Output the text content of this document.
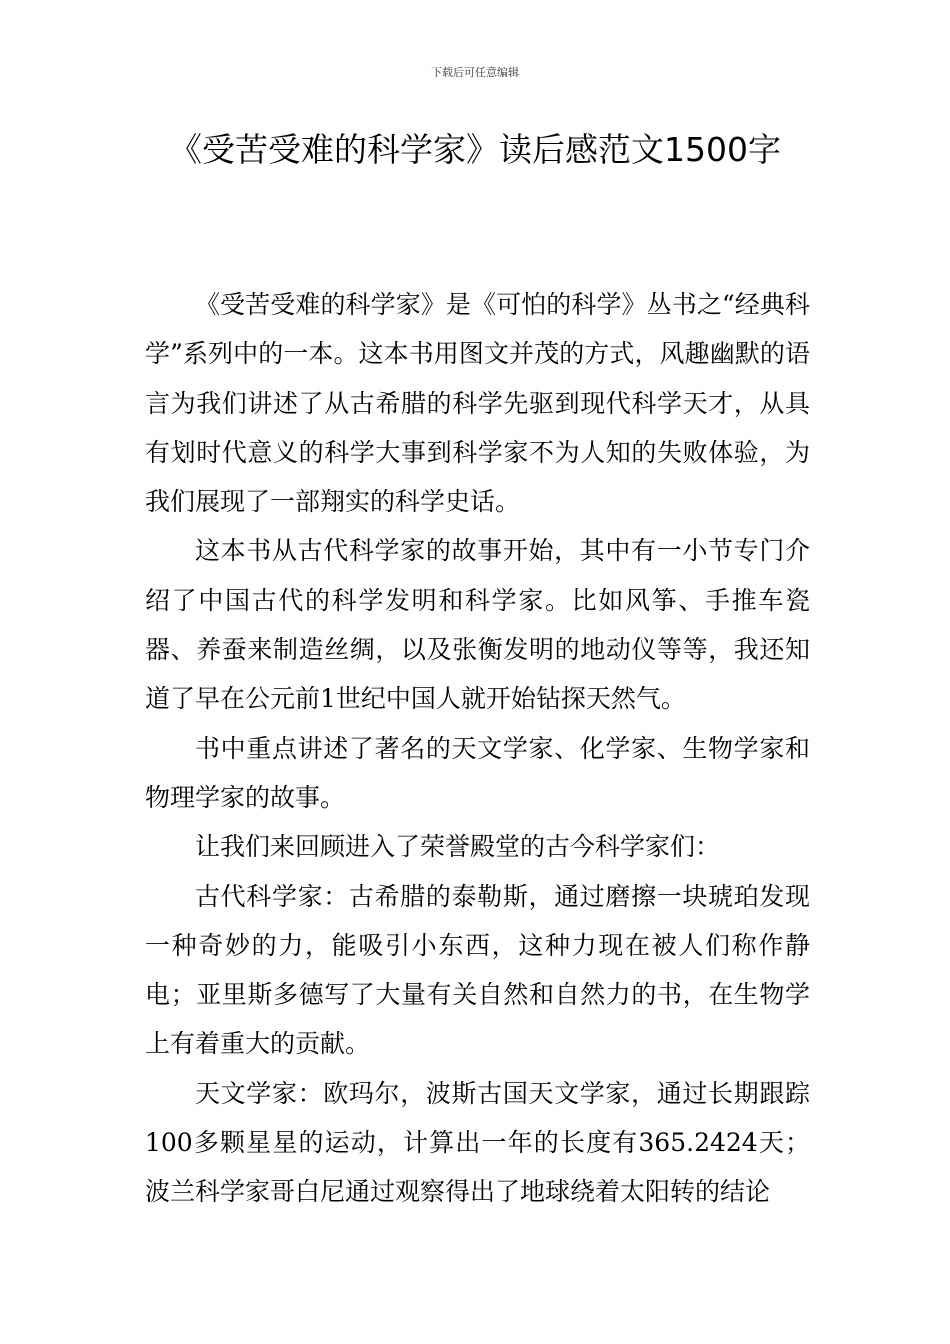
下载后可任意编辑
《受苦受难的科学家》读后感范文1500字

《受苦受难的科学家》是《可怕的科学》丛书之“经典科学”系列中的一本。这本书用图文并茂的方式，风趣幽默的语言为我们讲述了从古希腊的科学先驱到现代科学天才，从具有划时代意义的科学大事到科学家不为人知的失败体验，为我们展现了一部翔实的科学史话。

这本书从古代科学家的故事开始，其中有一小节专门介绍了中国古代的科学发明和科学家。比如风筝、手推车瓷器、养蚕来制造丝绸，以及张衡发明的地动仪等等，我还知道了早在公元前1世纪中国人就开始钻探天然气。

书中重点讲述了著名的天文学家、化学家、生物学家和物理学家的故事。

让我们来回顾进入了荣誉殿堂的古今科学家们：

古代科学家：古希腊的泰勒斯，通过磨擦一块琥珀发现一种奇妙的力，能吸引小东西，这种力现在被人们称作静电；亚里斯多德写了大量有关自然和自然力的书，在生物学上有着重大的贡献。

天文学家：欧玛尔，波斯古国天文学家，通过长期跟踪100多颗星星的运动，计算出一年的长度有365.2424天；波兰科学家哥白尼通过观察得出了地球绕着太阳转的结论
